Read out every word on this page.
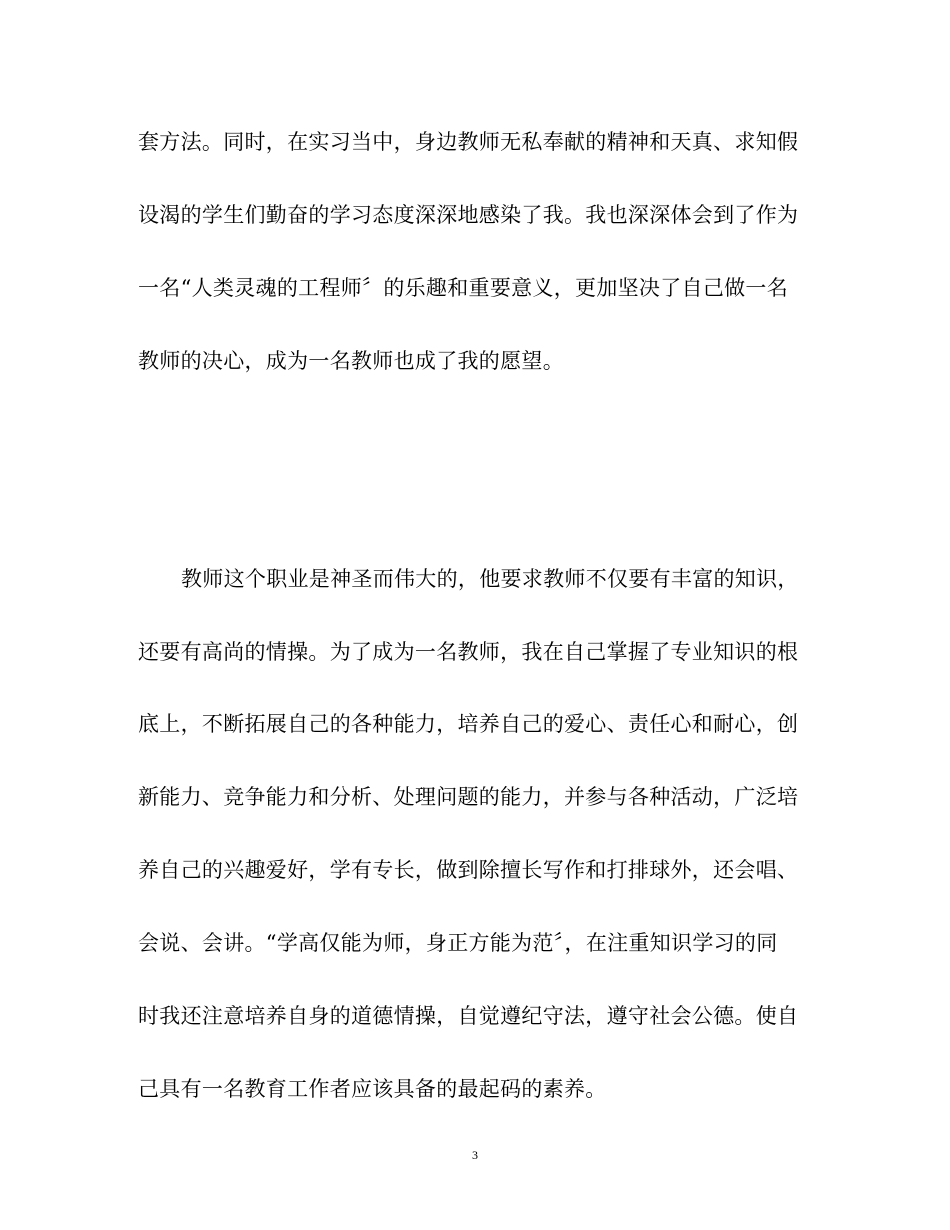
套方法。同时，在实习当中，身边教师无私奉献的精神和天真、求知假
设渴的学生们勤奋的学习态度深深地感染了我。我也深深体会到了作为
一名“人类灵魂的工程师〞的乐趣和重要意义，更加坚决了自己做一名
教师的决心，成为一名教师也成了我的愿望。
教师这个职业是神圣而伟大的，他要求教师不仅要有丰富的知识，
还要有高尚的情操。为了成为一名教师，我在自己掌握了专业知识的根
底上，不断拓展自己的各种能力，培养自己的爱心、责任心和耐心，创
新能力、竞争能力和分析、处理问题的能力，并参与各种活动，广泛培
养自己的兴趣爱好，学有专长，做到除擅长写作和打排球外，还会唱、
会说、会讲。“学高仅能为师，身正方能为范〞，在注重知识学习的同
时我还注意培养自身的道德情操，自觉遵纪守法，遵守社会公德。使自
己具有一名教育工作者应该具备的最起码的素养。
3
